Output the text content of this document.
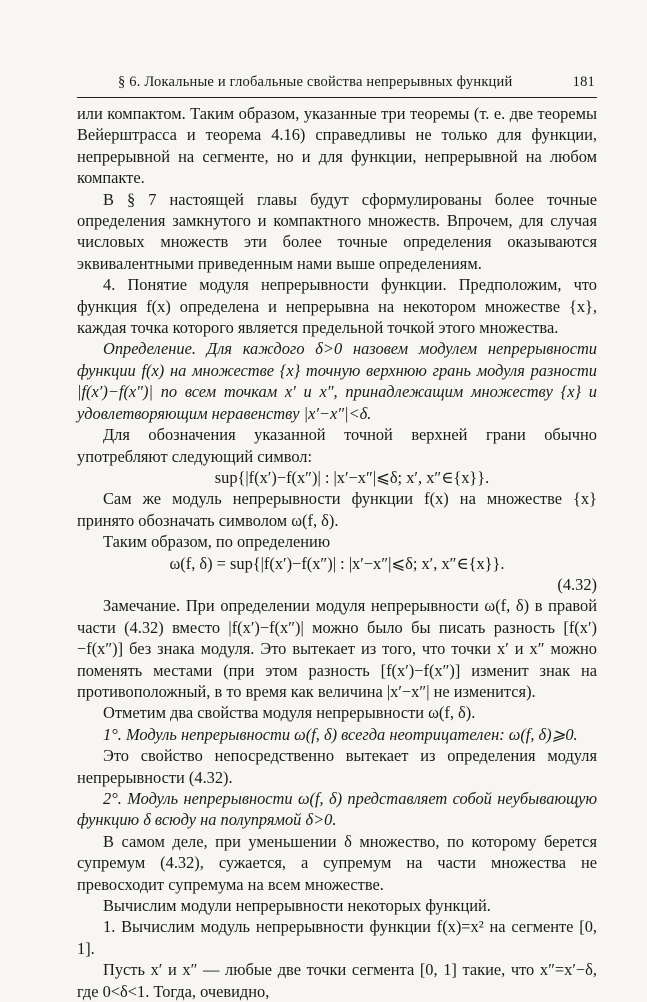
§ 6. Локальные и глобальные свойства непрерывных функций	181

или компактом. Таким образом, указанные три теоремы (т. е. две теоремы Вейерштрасса и теорема 4.16) справедливы не только для функции, непрерывной на сегменте, но и для функции, непрерывной на любом компакте.

В § 7 настоящей главы будут сформулированы более точные определения замкнутого и компактного множеств. Впрочем, для случая числовых множеств эти более точные определения оказываются эквивалентными приведенным нами выше определениям.

4. Понятие модуля непрерывности функции. Предположим, что функция f(x) определена и непрерывна на некотором множестве {x}, каждая точка которого является предельной точкой этого множества.

Определение. Для каждого δ>0 назовем модулем непрерывности функции f(x) на множестве {x} точную верхнюю грань модуля разности |f(x′)−f(x″)| по всем точкам x′ и x″, принадлежащим множеству {x} и удовлетворяющим неравенству |x′−x″|<δ.

Для обозначения указанной точной верхней грани обычно употребляют следующий символ:

sup{|f(x′)−f(x″)| : |x′−x″|⩽δ; x′, x″∈{x}}.

Сам же модуль непрерывности функции f(x) на множестве {x} принято обозначать символом ω(f, δ).

Таким образом, по определению

ω(f, δ) = sup{|f(x′)−f(x″)| : |x′−x″|⩽δ; x′, x″∈{x}}.

(4.32)

Замечание. При определении модуля непрерывности ω(f, δ) в правой части (4.32) вместо |f(x′)−f(x″)| можно было бы писать разность [f(x′)−f(x″)] без знака модуля. Это вытекает из того, что точки x′ и x″ можно поменять местами (при этом разность [f(x′)−f(x″)] изменит знак на противоположный, в то время как величина |x′−x″| не изменится).

Отметим два свойства модуля непрерывности ω(f, δ).

1°. Модуль непрерывности ω(f, δ) всегда неотрицателен: ω(f, δ)⩾0.

Это свойство непосредственно вытекает из определения модуля непрерывности (4.32).

2°. Модуль непрерывности ω(f, δ) представляет собой неубывающую функцию δ всюду на полупрямой δ>0.

В самом деле, при уменьшении δ множество, по которому берется супремум (4.32), сужается, а супремум на части множества не превосходит супремума на всем множестве.

Вычислим модули непрерывности некоторых функций.

1. Вычислим модуль непрерывности функции f(x)=x² на сегменте [0, 1].

Пусть x′ и x″ — любые две точки сегмента [0, 1] такие, что x″=x′−δ, где 0<δ<1. Тогда, очевидно,
